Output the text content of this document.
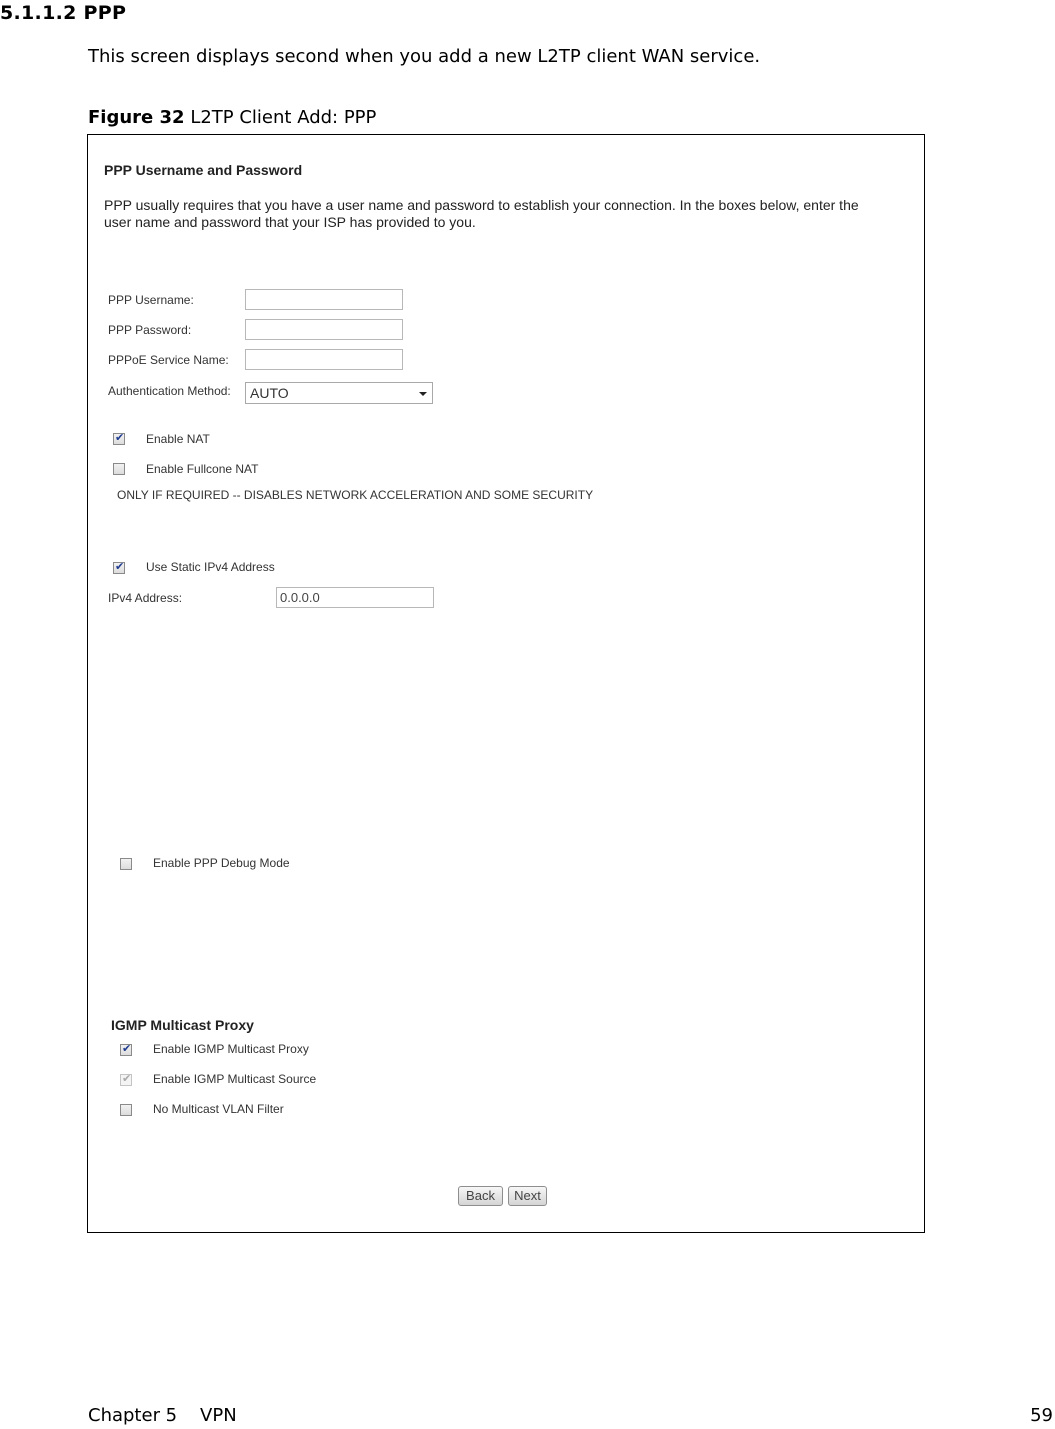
5.1.1.2 PPP
This screen displays second when you add a new L2TP client WAN service.
Figure 32 L2TP Client Add: PPP
PPP Username and Password
PPP usually requires that you have a user name and password to establish your connection. In the boxes below, enter the user name and password that your ISP has provided to you.
PPP Username:
PPP Password:
PPPoE Service Name:
Authentication Method:	AUTO
✔
Enable NAT
Enable Fullcone NAT
ONLY IF REQUIRED -- DISABLES NETWORK ACCELERATION AND SOME SECURITY
✔
Use Static IPv4 Address
IPv4 Address:	0.0.0.0
Enable PPP Debug Mode
IGMP Multicast Proxy
✔
Enable IGMP Multicast Proxy
✔
Enable IGMP Multicast Source
No Multicast VLAN Filter
Back	Next
Chapter 5    VPN	59
